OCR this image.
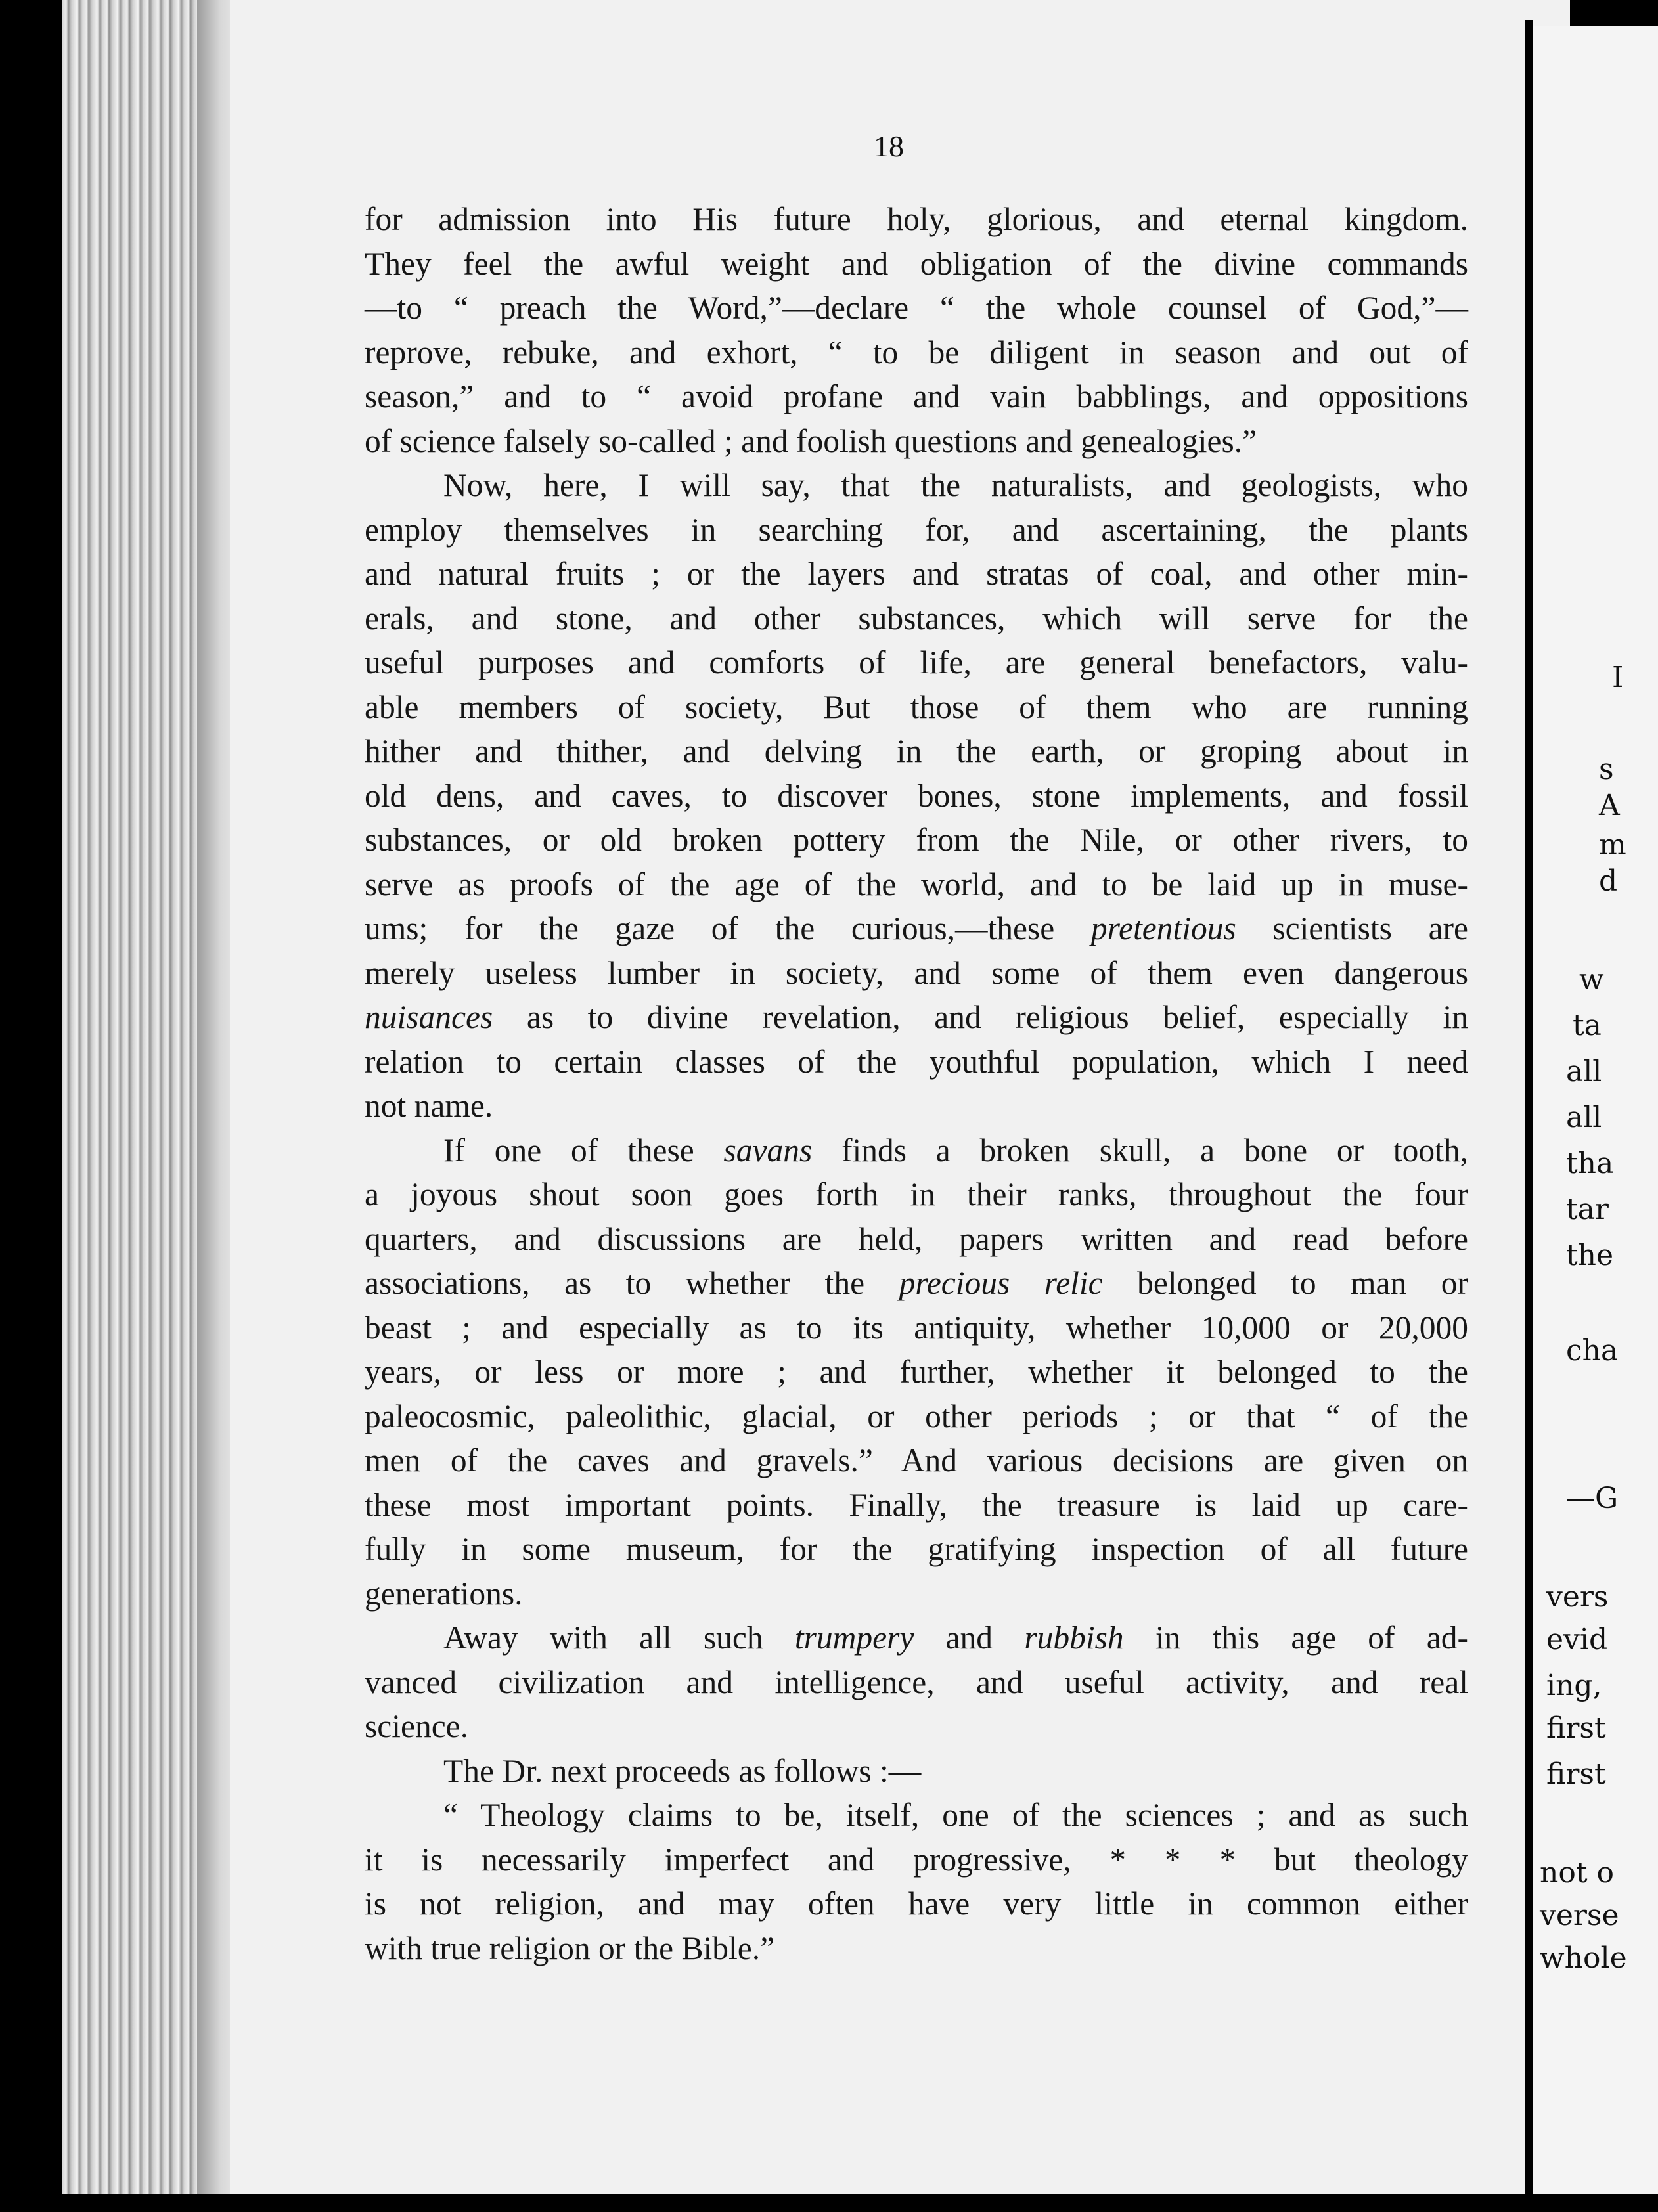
18
for admission into His future holy, glorious, and eternal kingdom.
They feel the awful weight and obligation of the divine commands
—to “ preach the Word,”—declare “ the whole counsel of God,”—
reprove, rebuke, and exhort, “ to be diligent in season and out of
season,” and to “ avoid profane and vain babblings, and oppositions
of science falsely so-called ; and foolish questions and genealogies.”
Now, here, I will say, that the naturalists, and geologists, who
employ themselves in searching for, and ascertaining, the plants
and natural fruits ; or the layers and stratas of coal, and other min-
erals, and stone, and other substances, which will serve for the
useful purposes and comforts of life, are general benefactors, valu-
able members of society, But those of them who are running
hither and thither, and delving in the earth, or groping about in
old dens, and caves, to discover bones, stone implements, and fossil
substances, or old broken pottery from the Nile, or other rivers, to
serve as proofs of the age of the world, and to be laid up in muse-
ums; for the gaze of the curious,—these pretentious scientists are
merely useless lumber in society, and some of them even dangerous
nuisances as to divine revelation, and religious belief, especially in
relation to certain classes of the youthful population, which I need
not name.
If one of these savans finds a broken skull, a bone or tooth,
a joyous shout soon goes forth in their ranks, throughout the four
quarters, and discussions are held, papers written and read before
associations, as to whether the precious relic belonged to man or
beast ; and especially as to its antiquity, whether 10,000 or 20,000
years, or less or more ; and further, whether it belonged to the
paleocosmic, paleolithic, glacial, or other periods ; or that “ of the
men of the caves and gravels.” And various decisions are given on
these most important points. Finally, the treasure is laid up care-
fully in some museum, for the gratifying inspection of all future
generations.
Away with all such trumpery and rubbish in this age of ad-
vanced civilization and intelligence, and useful activity, and real
science.
The Dr. next proceeds as follows :—
“ Theology claims to be, itself, one of the sciences ; and as such
it is necessarily imperfect and progressive, * * * but theology
is not religion, and may often have very little in common either
with true religion or the Bible.”
I
s
A
m
d
w
ta
all
all
tha
tar
the
cha
—G
vers
evid
ing,
first
first
not o
verse
whole
